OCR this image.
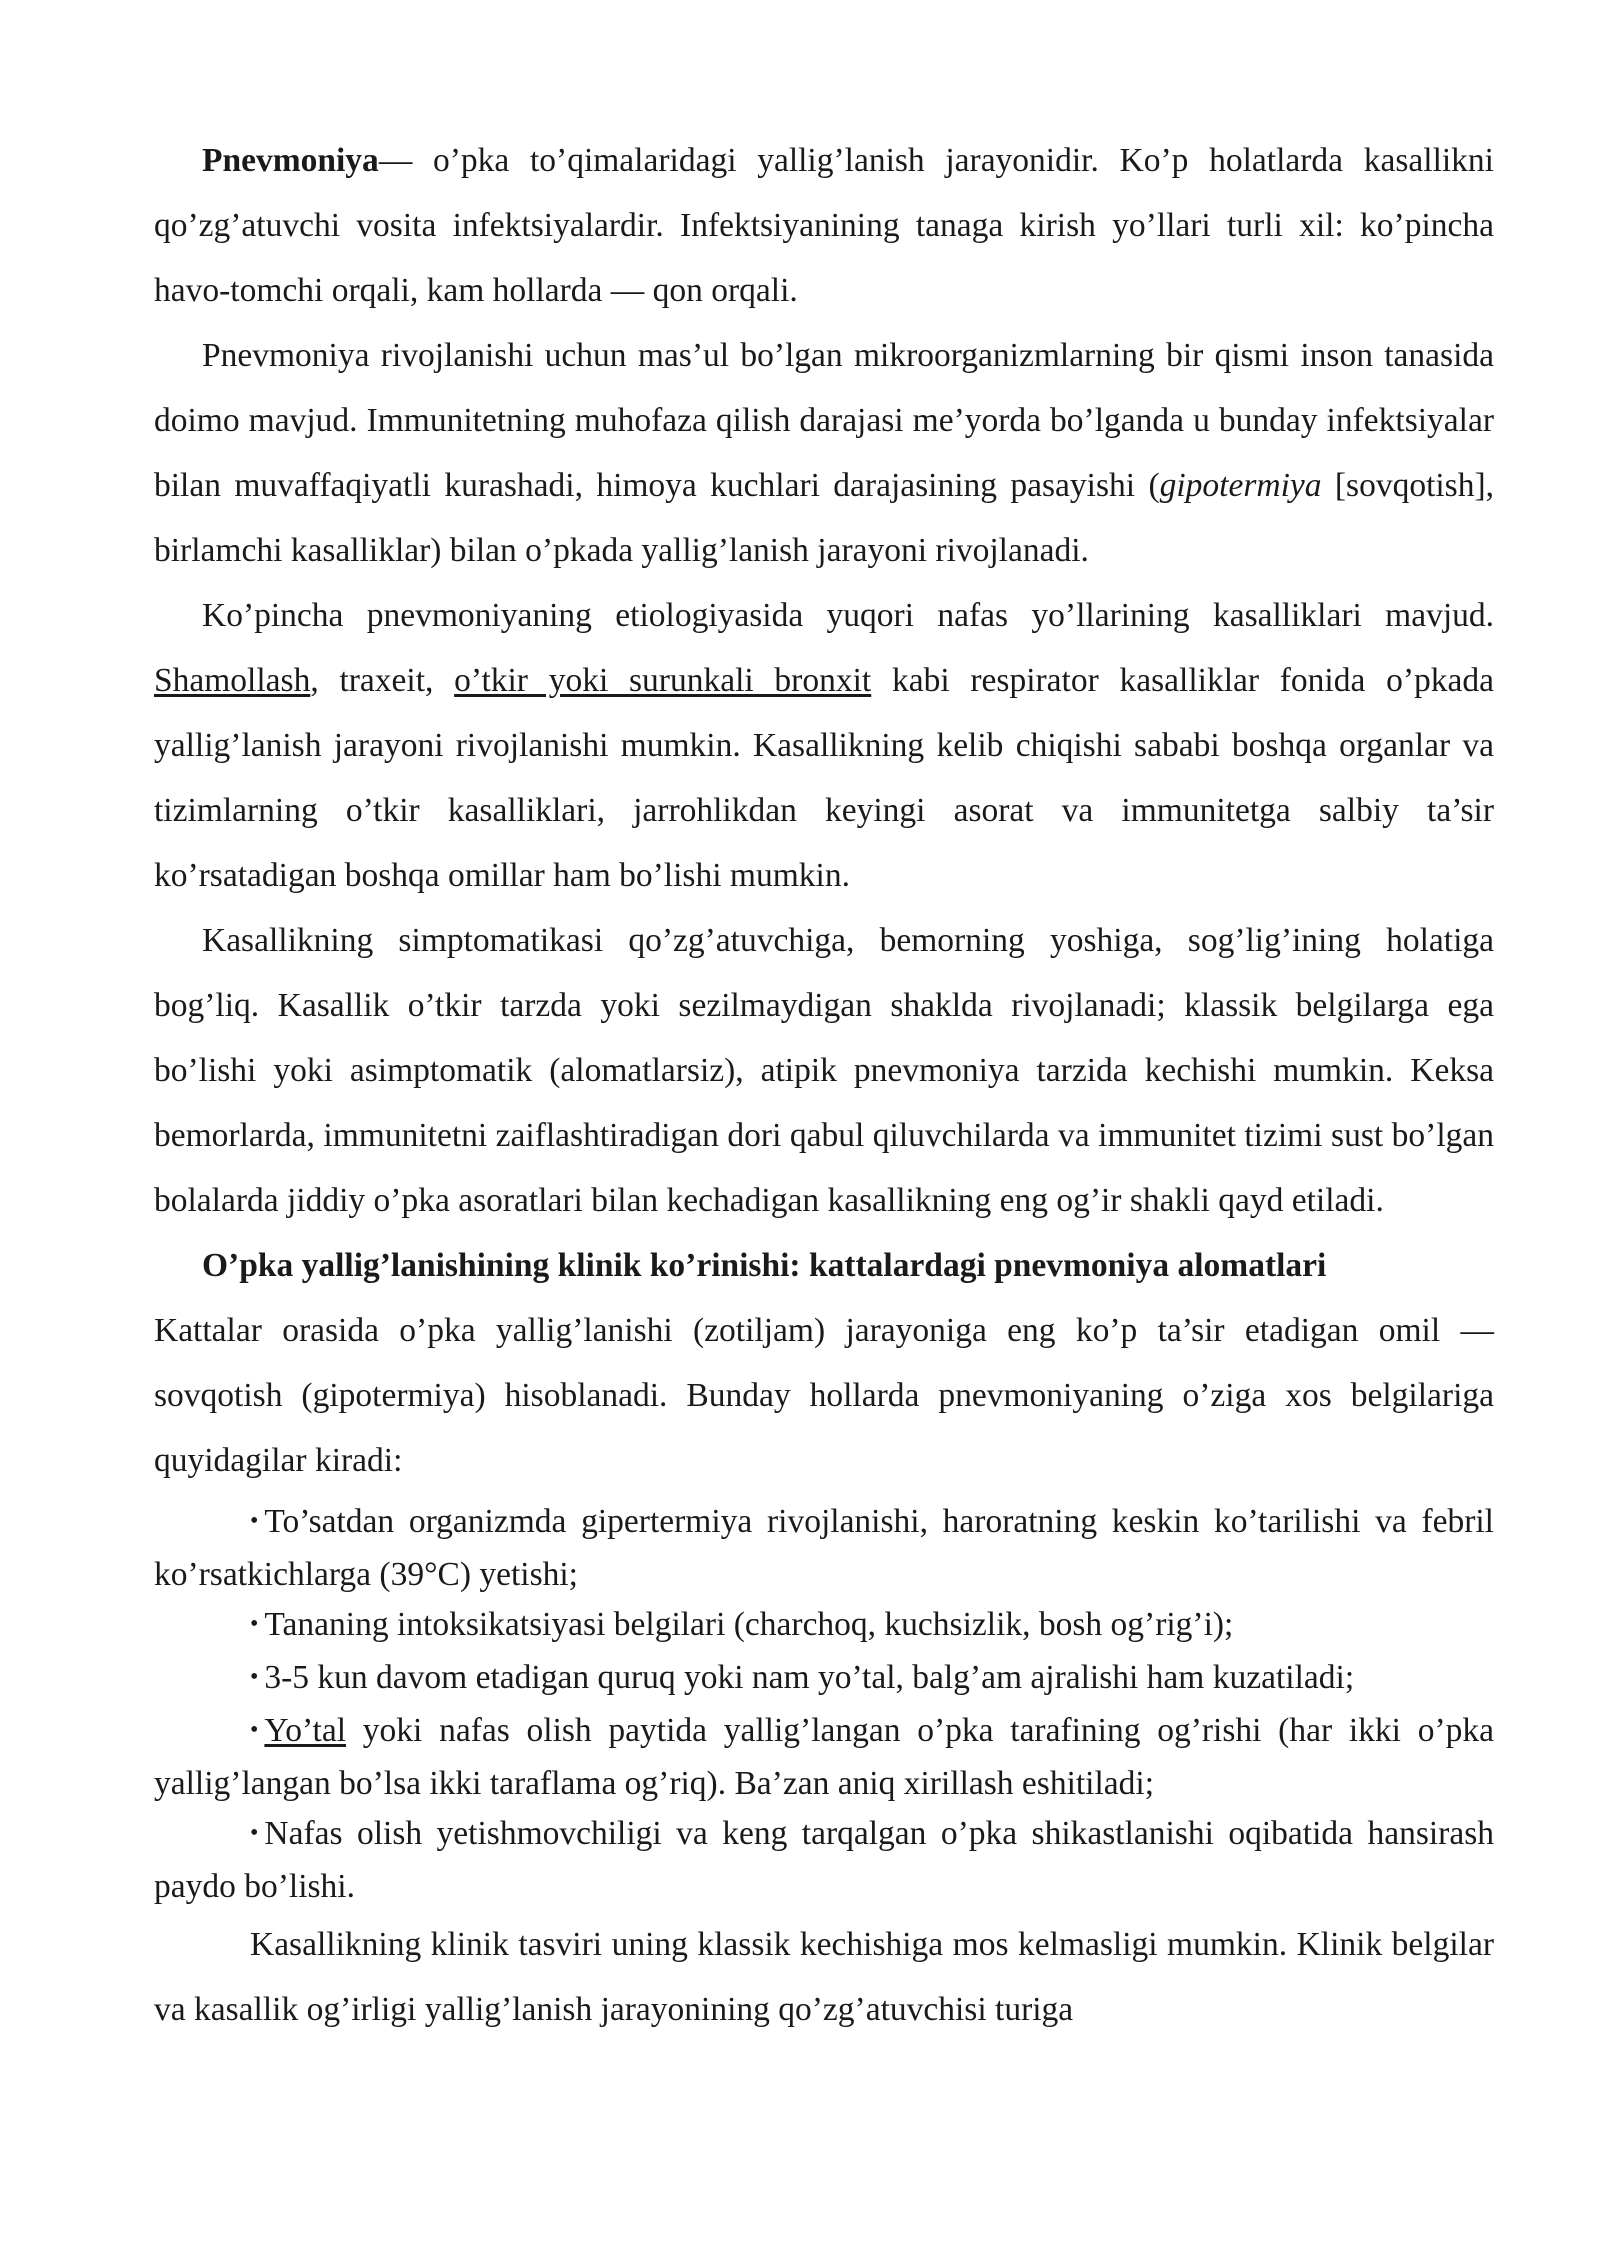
Pnevmoniya— o’pka to’qimalaridagi yallig’lanish jarayonidir. Ko’p holatlarda kasallikni qo’zg’atuvchi vosita infektsiyalardir. Infektsiyanining tanaga kirish yo’llari turli xil: ko’pincha havo-tomchi orqali, kam hollarda — qon orqali.

Pnevmoniya rivojlanishi uchun mas’ul bo’lgan mikroorganizmlarning bir qismi inson tanasida doimo mavjud. Immunitetning muhofaza qilish darajasi me’yorda bo’lganda u bunday infektsiyalar bilan muvaffaqiyatli kurashadi, himoya kuchlari darajasining pasayishi (gipotermiya [sovqotish], birlamchi kasalliklar) bilan o’pkada yallig’lanish jarayoni rivojlanadi.

Ko’pincha pnevmoniyaning etiologiyasida yuqori nafas yo’llarining kasalliklari mavjud. Shamollash, traxeit, o’tkir yoki surunkali bronxit kabi respirator kasalliklar fonida o’pkada yallig’lanish jarayoni rivojlanishi mumkin. Kasallikning kelib chiqishi sababi boshqa organlar va tizimlarning o’tkir kasalliklari, jarrohlikdan keyingi asorat va immunitetga salbiy ta’sir ko’rsatadigan boshqa omillar ham bo’lishi mumkin.

Kasallikning simptomatikasi qo’zg’atuvchiga, bemorning yoshiga, sog’lig’ining holatiga bog’liq. Kasallik o’tkir tarzda yoki sezilmaydigan shaklda rivojlanadi; klassik belgilarga ega bo’lishi yoki asimptomatik (alomatlarsiz), atipik pnevmoniya tarzida kechishi mumkin. Keksa bemorlarda, immunitetni zaiflashtiradigan dori qabul qiluvchilarda va immunitet tizimi sust bo’lgan bolalarda jiddiy o’pka asoratlari bilan kechadigan kasallikning eng og’ir shakli qayd etiladi.

O’pka yallig’lanishining klinik ko’rinishi: kattalardagi pnevmoniya alomatlari

Kattalar orasida o’pka yallig’lanishi (zotiljam) jarayoniga eng ko’p ta’sir etadigan omil — sovqotish (gipotermiya) hisoblanadi. Bunday hollarda pnevmoniyaning o’ziga xos belgilariga quyidagilar kiradi:

• To’satdan organizmda gipertermiya rivojlanishi, haroratning keskin ko’tarilishi va febril ko’rsatkichlarga (39°C) yetishi;

• Tananing intoksikatsiyasi belgilari (charchoq, kuchsizlik, bosh og’rig’i);

• 3-5 kun davom etadigan quruq yoki nam yo’tal, balg’am ajralishi ham kuzatiladi;

• Yo’tal yoki nafas olish paytida yallig’langan o’pka tarafining og’rishi (har ikki o’pka yallig’langan bo’lsa ikki taraflama og’riq). Ba’zan aniq xirillash eshitiladi;

• Nafas olish yetishmovchiligi va keng tarqalgan o’pka shikastlanishi oqibatida hansirash paydo bo’lishi.

Kasallikning klinik tasviri uning klassik kechishiga mos kelmasligi mumkin. Klinik belgilar va kasallik og’irligi yallig’lanish jarayonining qo’zg’atuvchisi turiga
